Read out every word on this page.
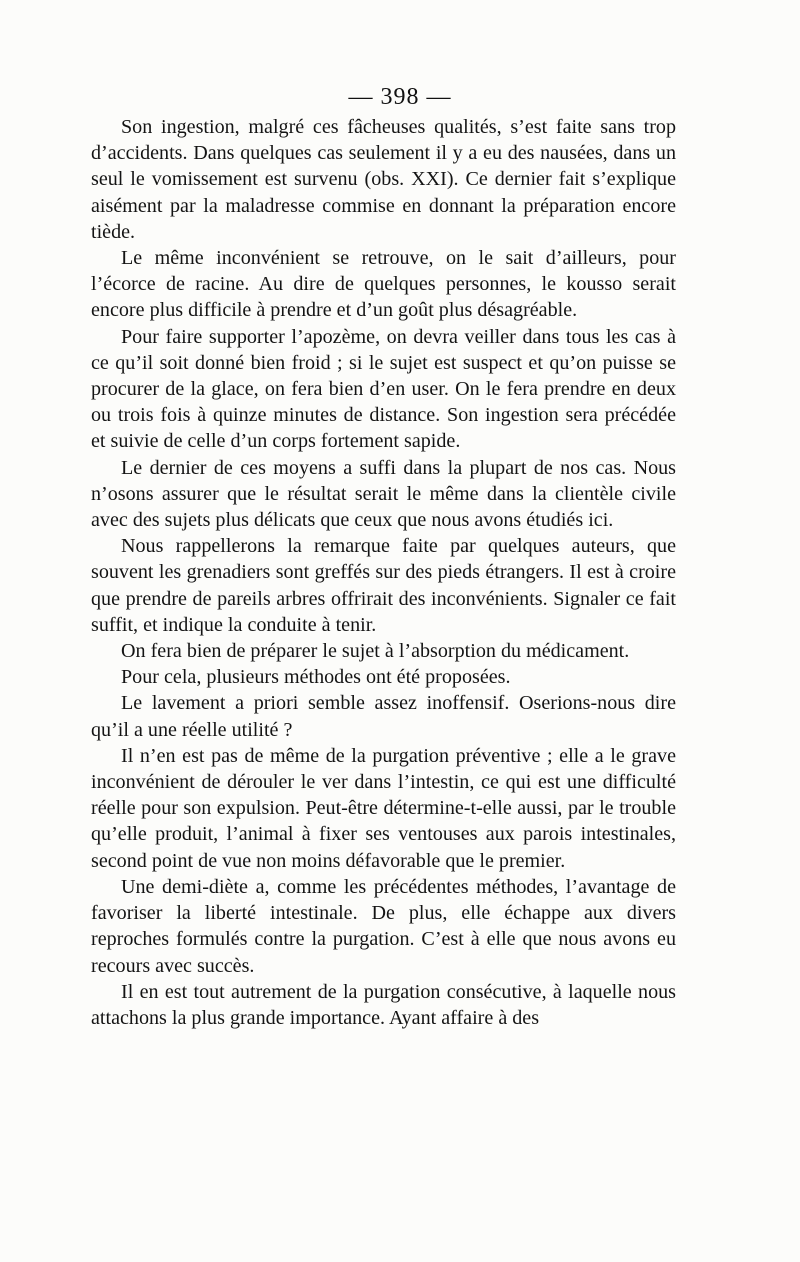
— 398 —

Son ingestion, malgré ces fâcheuses qualités, s’est faite sans trop d’accidents. Dans quelques cas seulement il y a eu des nausées, dans un seul le vomissement est survenu (obs. XXI). Ce dernier fait s’explique aisément par la maladresse commise en donnant la préparation encore tiède.

Le même inconvénient se retrouve, on le sait d’ailleurs, pour l’écorce de racine. Au dire de quelques personnes, le kousso serait encore plus difficile à prendre et d’un goût plus désagréable.

Pour faire supporter l’apozème, on devra veiller dans tous les cas à ce qu’il soit donné bien froid ; si le sujet est suspect et qu’on puisse se procurer de la glace, on fera bien d’en user. On le fera prendre en deux ou trois fois à quinze minutes de distance. Son ingestion sera précédée et suivie de celle d’un corps fortement sapide.

Le dernier de ces moyens a suffi dans la plupart de nos cas. Nous n’osons assurer que le résultat serait le même dans la clientèle civile avec des sujets plus délicats que ceux que nous avons étudiés ici.

Nous rappellerons la remarque faite par quelques auteurs, que souvent les grenadiers sont greffés sur des pieds étrangers. Il est à croire que prendre de pareils arbres offrirait des inconvénients. Signaler ce fait suffit, et indique la conduite à tenir.

On fera bien de préparer le sujet à l’absorption du médicament.

Pour cela, plusieurs méthodes ont été proposées.

Le lavement a priori semble assez inoffensif. Oserions-nous dire qu’il a une réelle utilité ?

Il n’en est pas de même de la purgation préventive ; elle a le grave inconvénient de dérouler le ver dans l’intestin, ce qui est une difficulté réelle pour son expulsion. Peut-être détermine-t-elle aussi, par le trouble qu’elle produit, l’animal à fixer ses ventouses aux parois intestinales, second point de vue non moins défavorable que le premier.

Une demi-diète a, comme les précédentes méthodes, l’avantage de favoriser la liberté intestinale. De plus, elle échappe aux divers reproches formulés contre la purgation. C’est à elle que nous avons eu recours avec succès.

Il en est tout autrement de la purgation consécutive, à laquelle nous attachons la plus grande importance. Ayant affaire à des
